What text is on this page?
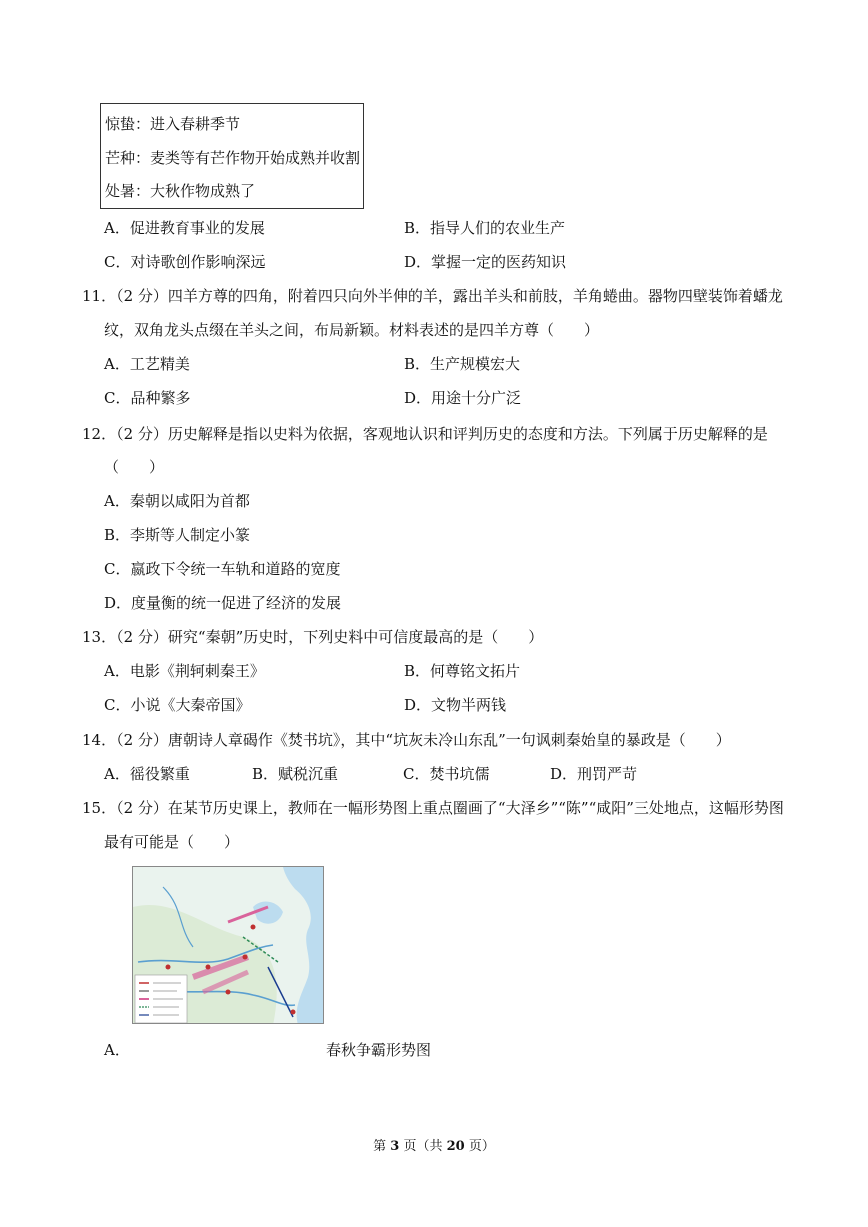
惊蛰：进入春耕季节
芒种：麦类等有芒作物开始成熟并收割
处暑：大秋作物成熟了
A．促进教育事业的发展	B．指导人们的农业生产
C．对诗歌创作影响深远	D．掌握一定的医药知识
11．（2 分）四羊方尊的四角，附着四只向外半伸的羊，露出羊头和前肢，羊角蜷曲。器物四壁装饰着蟠龙
纹，双角龙头点缀在羊头之间，布局新颖。材料表述的是四羊方尊（　　）
A．工艺精美	B．生产规模宏大
C．品种繁多	D．用途十分广泛
12．（2 分）历史解释是指以史料为依据，客观地认识和评判历史的态度和方法。下列属于历史解释的是
（　　）
A．秦朝以咸阳为首都
B．李斯等人制定小篆
C．嬴政下令统一车轨和道路的宽度
D．度量衡的统一促进了经济的发展
13．（2 分）研究“秦朝”历史时，下列史料中可信度最高的是（　　）
A．电影《荆轲刺秦王》	B．何尊铭文拓片
C．小说《大秦帝国》	D．文物半两钱
14．（2 分）唐朝诗人章碣作《焚书坑》，其中“坑灰未冷山东乱”一句讽刺秦始皇的暴政是（　　）
A．徭役繁重	B．赋税沉重	C．焚书坑儒	D．刑罚严苛
15．（2 分）在某节历史课上，教师在一幅形势图上重点圈画了“大泽乡”“陈”“咸阳”三处地点，这幅形势图
最有可能是（　　）
A．	春秋争霸形势图
第 3 页（共 20 页）
